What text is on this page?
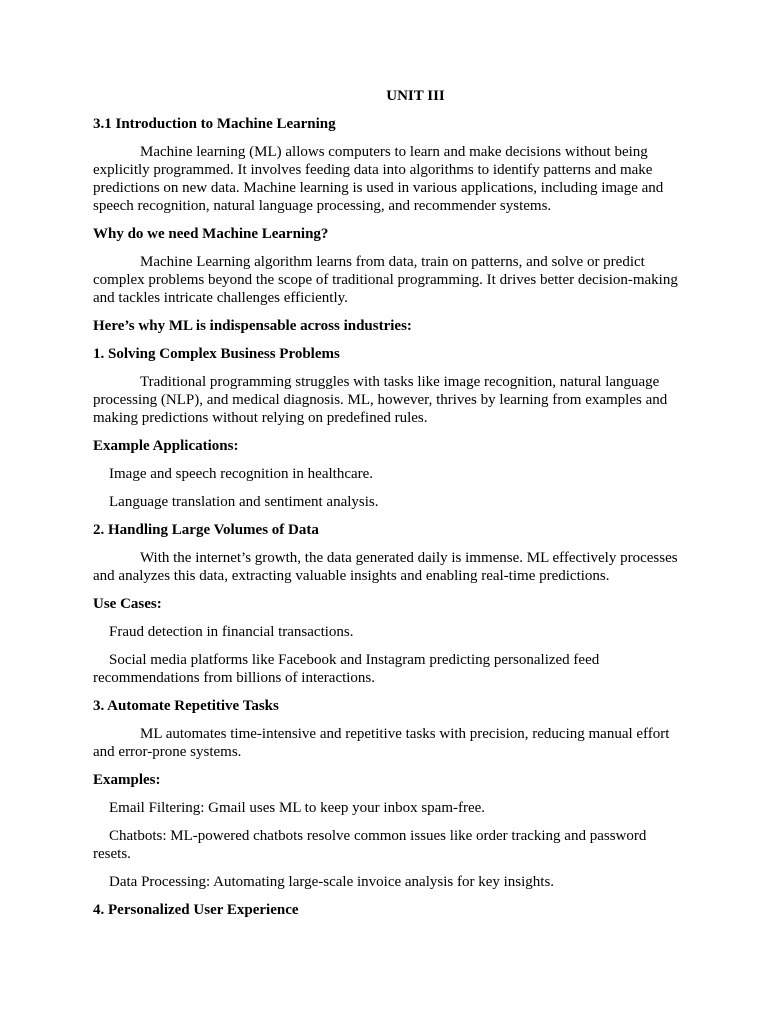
UNIT III
3.1 Introduction to Machine Learning
Machine learning (ML) allows computers to learn and make decisions without being explicitly programmed. It involves feeding data into algorithms to identify patterns and make predictions on new data. Machine learning is used in various applications, including image and speech recognition, natural language processing, and recommender systems.
Why do we need Machine Learning?
Machine Learning algorithm learns from data, train on patterns, and solve or predict complex problems beyond the scope of traditional programming. It drives better decision-making and tackles intricate challenges efficiently.
Here’s why ML is indispensable across industries:
1. Solving Complex Business Problems
Traditional programming struggles with tasks like image recognition, natural language processing (NLP), and medical diagnosis. ML, however, thrives by learning from examples and making predictions without relying on predefined rules.
Example Applications:
Image and speech recognition in healthcare.
Language translation and sentiment analysis.
2. Handling Large Volumes of Data
With the internet’s growth, the data generated daily is immense. ML effectively processes and analyzes this data, extracting valuable insights and enabling real-time predictions.
Use Cases:
Fraud detection in financial transactions.
Social media platforms like Facebook and Instagram predicting personalized feed recommendations from billions of interactions.
3. Automate Repetitive Tasks
ML automates time-intensive and repetitive tasks with precision, reducing manual effort and error-prone systems.
Examples:
Email Filtering: Gmail uses ML to keep your inbox spam-free.
Chatbots: ML-powered chatbots resolve common issues like order tracking and password resets.
Data Processing: Automating large-scale invoice analysis for key insights.
4. Personalized User Experience
